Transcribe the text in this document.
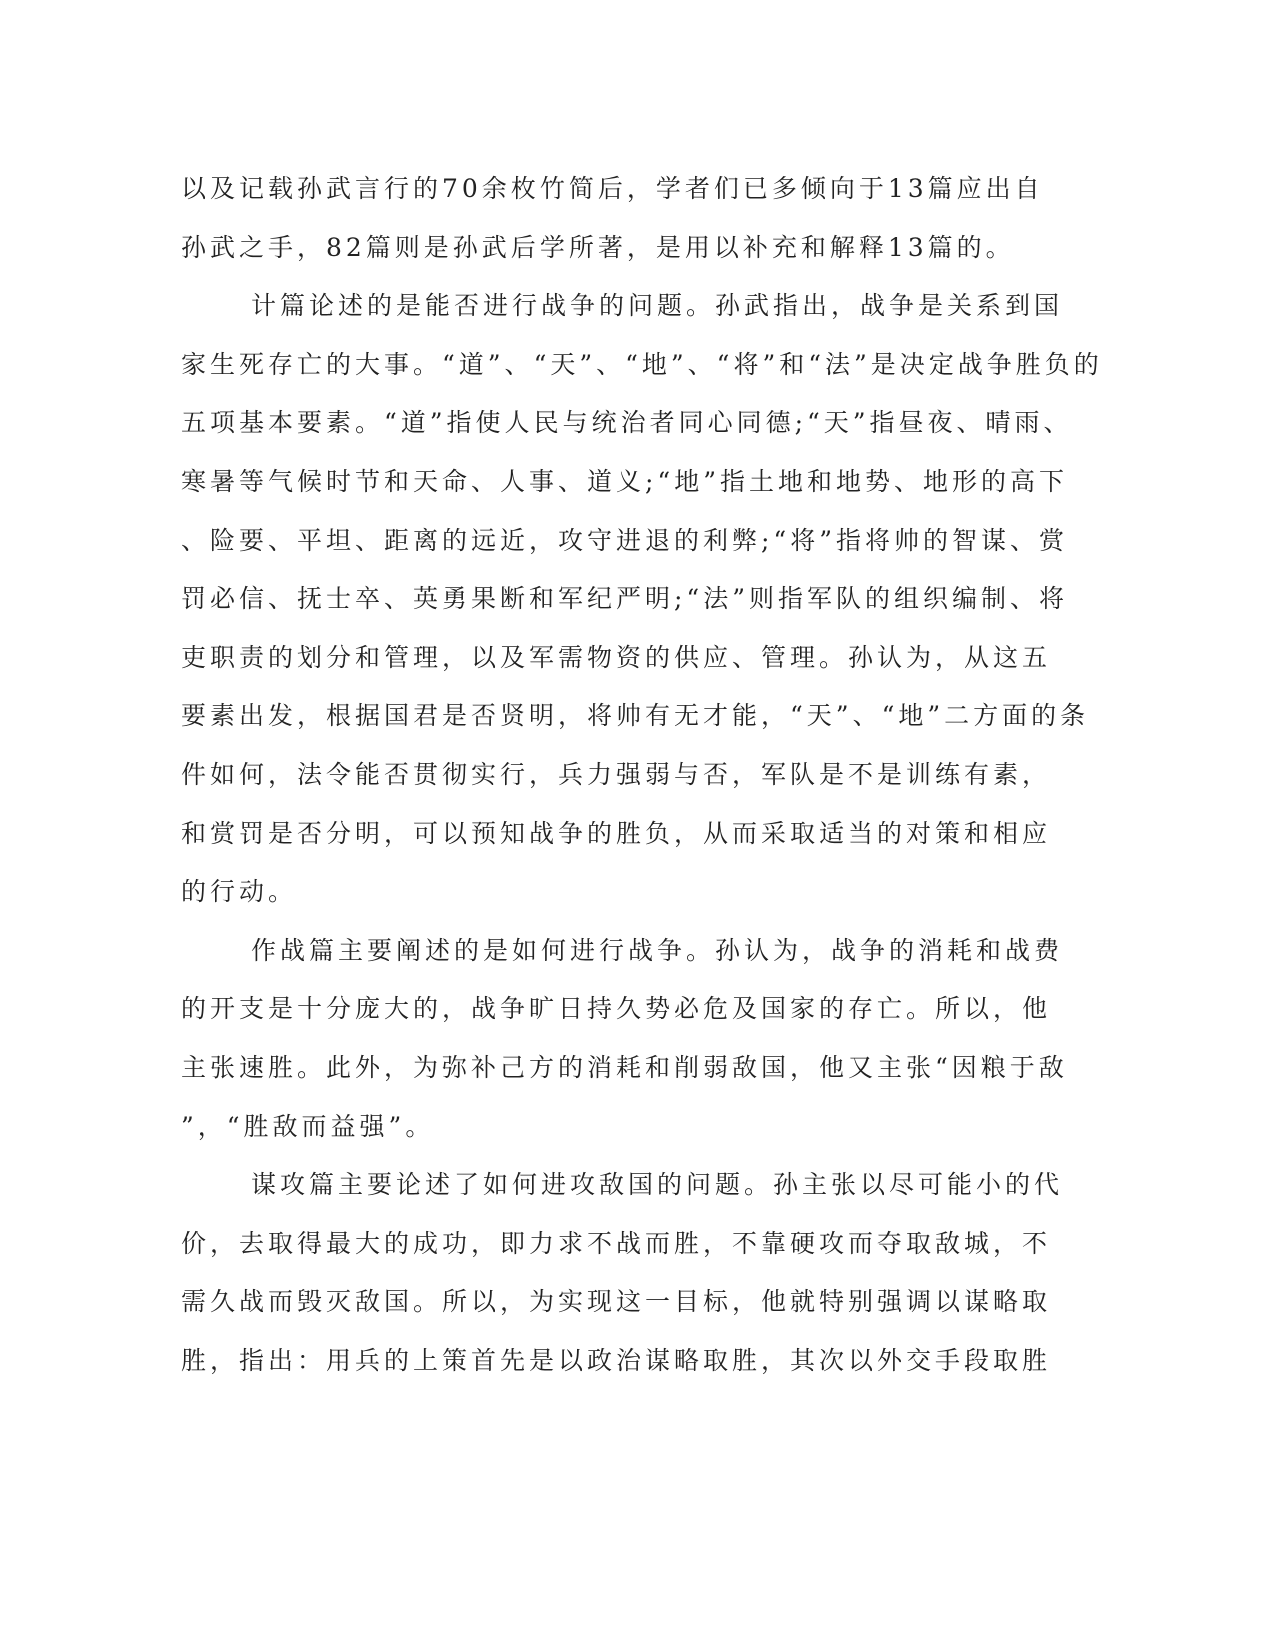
以及记载孙武言行的70余枚竹简后，学者们已多倾向于13篇应出自
孙武之手，82篇则是孙武后学所著，是用以补充和解释13篇的。
计篇论述的是能否进行战争的问题。孙武指出，战争是关系到国
家生死存亡的大事。“道”、“天”、“地”、“将”和“法”是决定战争胜负的
五项基本要素。“道”指使人民与统治者同心同德;“天”指昼夜、晴雨、
寒暑等气候时节和天命、人事、道义;“地”指土地和地势、地形的高下
、险要、平坦、距离的远近，攻守进退的利弊;“将”指将帅的智谋、赏
罚必信、抚士卒、英勇果断和军纪严明;“法”则指军队的组织编制、将
吏职责的划分和管理，以及军需物资的供应、管理。孙认为，从这五
要素出发，根据国君是否贤明，将帅有无才能，“天”、“地”二方面的条
件如何，法令能否贯彻实行，兵力强弱与否，军队是不是训练有素，
和赏罚是否分明，可以预知战争的胜负，从而采取适当的对策和相应
的行动。
作战篇主要阐述的是如何进行战争。孙认为，战争的消耗和战费
的开支是十分庞大的，战争旷日持久势必危及国家的存亡。所以，他
主张速胜。此外，为弥补己方的消耗和削弱敌国，他又主张“因粮于敌
”，“胜敌而益强”。
谋攻篇主要论述了如何进攻敌国的问题。孙主张以尽可能小的代
价，去取得最大的成功，即力求不战而胜，不靠硬攻而夺取敌城，不
需久战而毁灭敌国。所以，为实现这一目标，他就特别强调以谋略取
胜，指出：用兵的上策首先是以政治谋略取胜，其次以外交手段取胜
